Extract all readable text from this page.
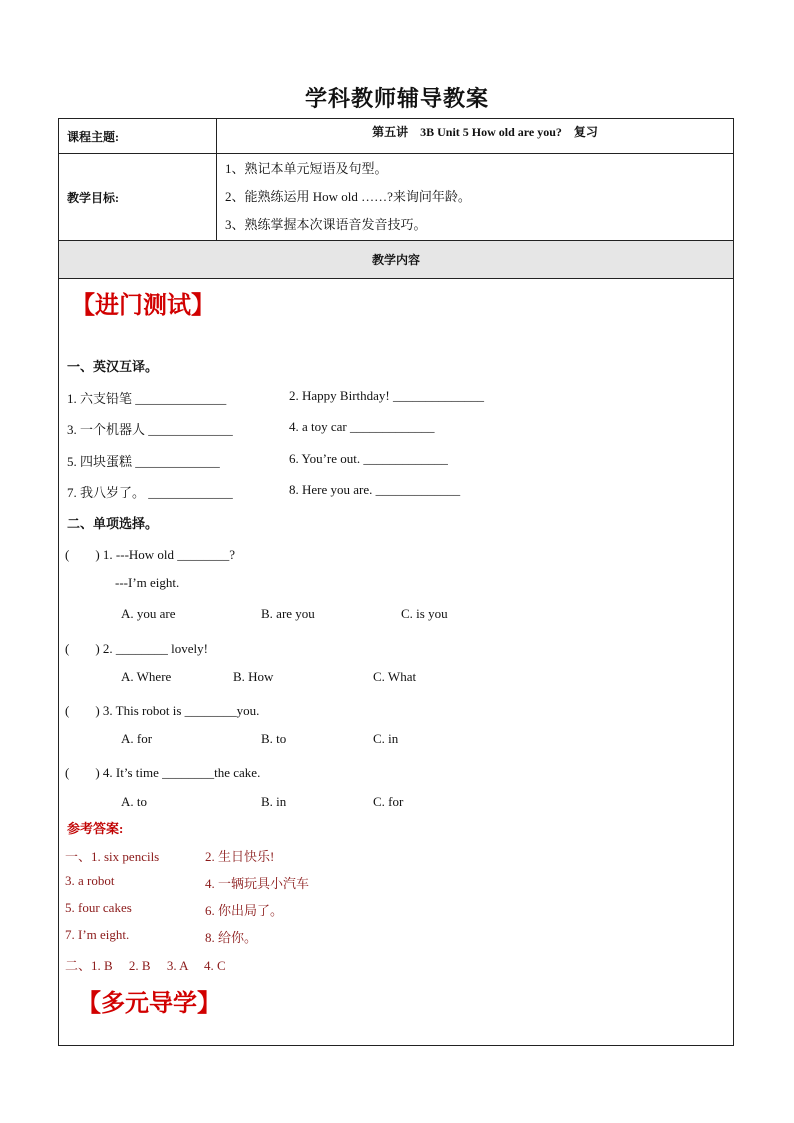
学科教师辅导教案
课程主题:	第五讲　3B Unit 5 How old are you?　复习
教学目标:
1、熟记本单元短语及句型。
2、能熟练运用 How old ……?来询问年龄。
3、熟练掌握本次课语音发音技巧。
教学内容
【进门测试】
一、英汉互译。
1. 六支铅笔 ______________	2. Happy Birthday! ______________
3. 一个机器人 _____________	4. a toy car _____________
5. 四块蛋糕 _____________	6. You’re out. _____________
7. 我八岁了。 _____________	8. Here you are. _____________
二、单项选择。
(　　) 1. ---How old ________?
---I’m eight.
A. you are	B. are you	C. is you
(　　) 2. ________ lovely!
A. Where	B. How	C. What
(　　) 3. This robot is ________you.
A. for	B. to	C. in
(　　) 4. It’s time ________the cake.
A. to	B. in	C. for
参考答案:
一、1. six pencils	2. 生日快乐!
3. a robot	4. 一辆玩具小汽车
5. four cakes	6. 你出局了。
7. I’m eight.	8. 给你。
二、1. B　 2. B　 3. A　 4. C
【多元导学】
